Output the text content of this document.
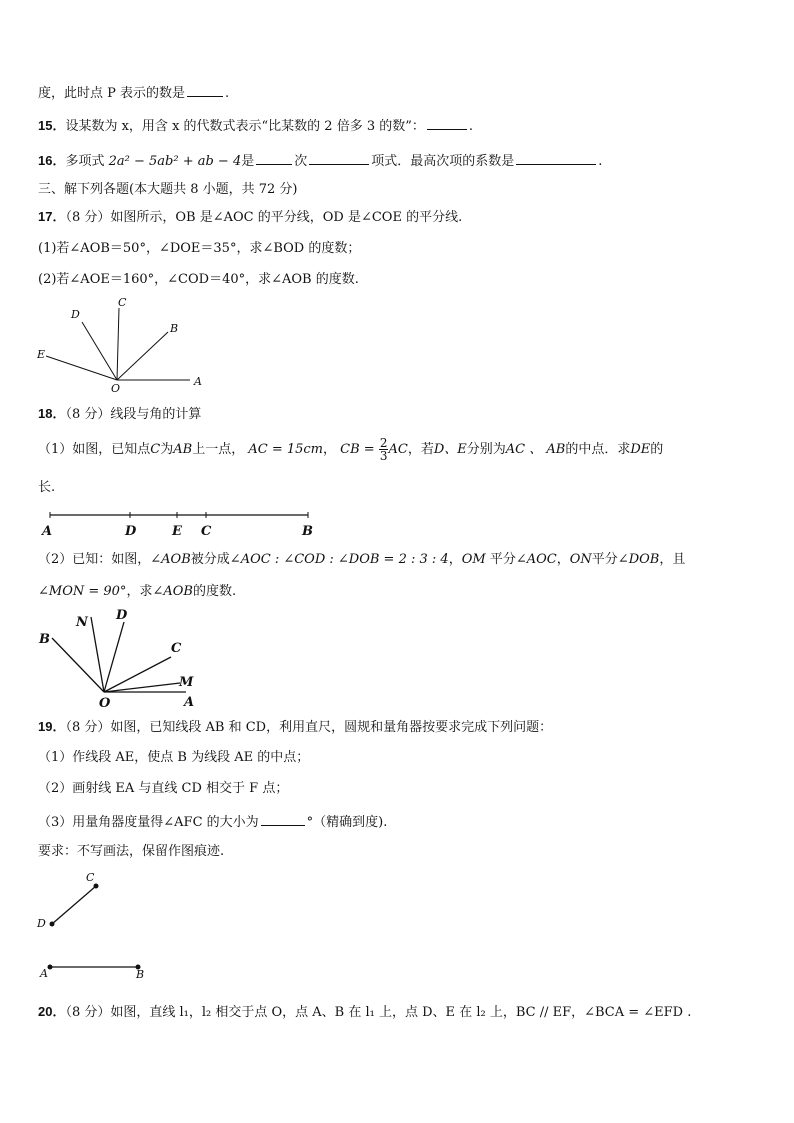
度，此时点 P 表示的数是	.
15．设某数为 x，用含 x 的代数式表示“比某数的 2 倍多 3 的数”：	.
16．多项式 2a² − 5ab² + ab − 4是	次	项式．最高次项的系数是	.
三、解下列各题(本大题共 8 小题，共 72 分)
17．（8 分）如图所示，OB 是∠AOC 的平分线，OD 是∠COE 的平分线.
(1)若∠AOB＝50°，∠DOE＝35°，求∠BOD 的度数；
(2)若∠AOE＝160°，∠COD＝40°，求∠AOB 的度数.
C
D
B
E
O
A
18．（8 分）线段与角的计算
（1）如图，已知点C为AB上一点， AC = 15cm， CB = $\frac{2}{3}$ AC，若D、E分别为AC 、 AB的中点．求DE的
长.
A	D	E C	B
（2）已知：如图，∠AOB被分成∠AOC : ∠COD : ∠DOB = 2 : 3 : 4，OM 平分∠AOC，ON平分∠DOB，且
∠MON = 90°，求∠AOB的度数.
B
N D
C
M
O	A
19．（8 分）如图，已知线段 AB 和 CD，利用直尺，圆规和量角器按要求完成下列问题：
（1）作线段 AE，使点 B 为线段 AE 的中点；
（2）画射线 EA 与直线 CD 相交于 F 点；
（3）用量角器度量得∠AFC 的大小为	°（精确到度).
要求：不写画法，保留作图痕迹.
C
D
A	B
20．（8 分）如图，直线 l₁，l₂ 相交于点 O，点 A、B 在 l₁ 上，点 D、E 在 l₂ 上，BC // EF，∠BCA = ∠EFD .
